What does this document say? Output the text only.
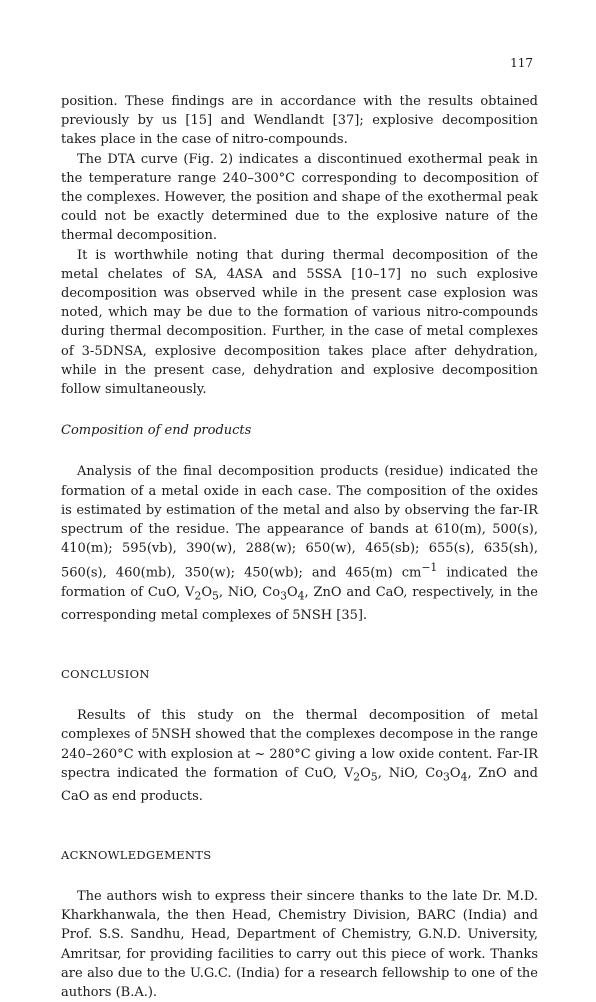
117

position. These findings are in accordance with the results obtained previously by us [15] and Wendlandt [37]; explosive decomposition takes place in the case of nitro-compounds.

The DTA curve (Fig. 2) indicates a discontinued exothermal peak in the temperature range 240–300°C corresponding to decomposition of the complexes. However, the position and shape of the exothermal peak could not be exactly determined due to the explosive nature of the thermal decomposition.

It is worthwhile noting that during thermal decomposition of the metal chelates of SA, 4ASA and 5SSA [10–17] no such explosive decomposition was observed while in the present case explosion was noted, which may be due to the formation of various nitro-compounds during thermal decomposition. Further, in the case of metal complexes of 3-5DNSA, explosive decomposition takes place after dehydration, while in the present case, dehydration and explosive decomposition follow simultaneously.

Composition of end products

Analysis of the final decomposition products (residue) indicated the formation of a metal oxide in each case. The composition of the oxides is estimated by estimation of the metal and also by observing the far-IR spectrum of the residue. The appearance of bands at 610(m), 500(s), 410(m); 595(vb), 390(w), 288(w); 650(w), 465(sb); 655(s), 635(sh), 560(s), 460(mb), 350(w); 450(wb); and 465(m) $cm^{-1}$ indicated the formation of CuO, $V_2O_5$, NiO, $Co_3O_4$, ZnO and CaO, respectively, in the corresponding metal complexes of 5NSH [35].

CONCLUSION

Results of this study on the thermal decomposition of metal complexes of 5NSH showed that the complexes decompose in the range 240–260°C with explosion at ~ 280°C giving a low oxide content. Far-IR spectra indicated the formation of CuO, $V_2O_5$, NiO, $Co_3O_4$, ZnO and CaO as end products.

ACKNOWLEDGEMENTS

The authors wish to express their sincere thanks to the late Dr. M.D. Kharkhanwala, the then Head, Chemistry Division, BARC (India) and Prof. S.S. Sandhu, Head, Department of Chemistry, G.N.D. University, Amritsar, for providing facilities to carry out this piece of work. Thanks are also due to the U.G.C. (India) for a research fellowship to one of the authors (B.A.).
